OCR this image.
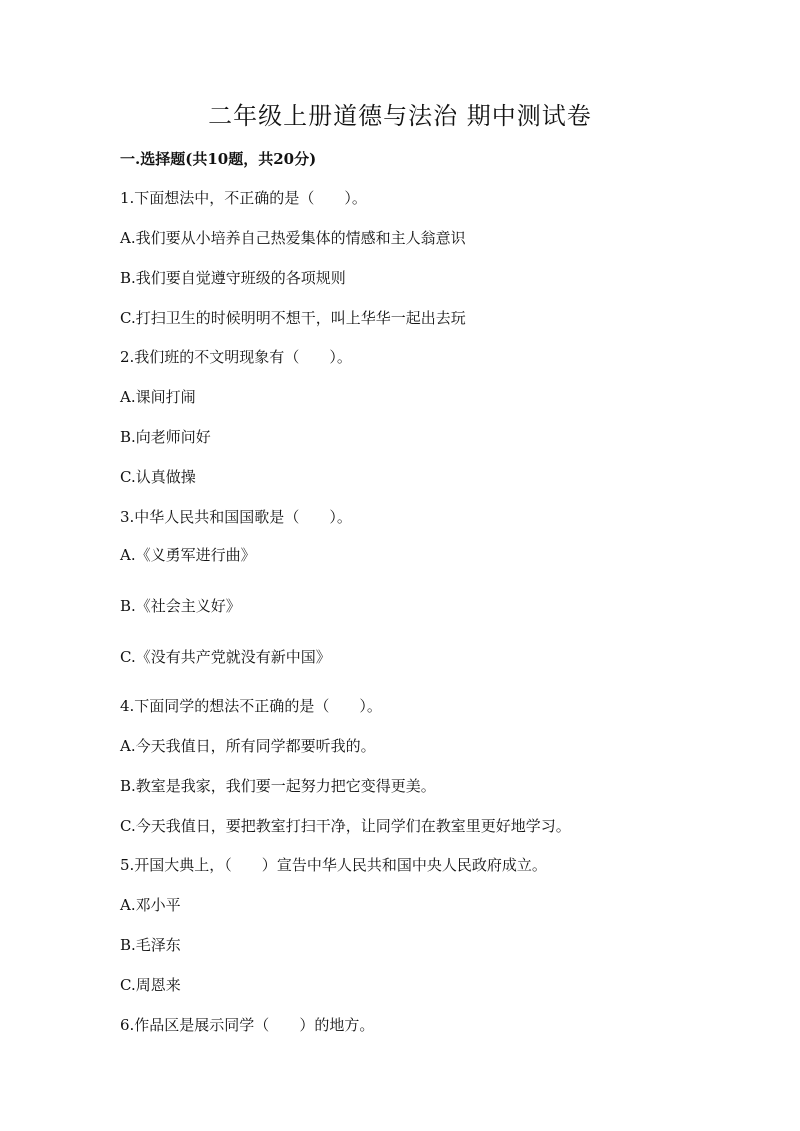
二年级上册道德与法治 期中测试卷
一.选择题(共10题，共20分)
1.下面想法中，不正确的是（　　）。
A.我们要从小培养自己热爱集体的情感和主人翁意识
B.我们要自觉遵守班级的各项规则
C.打扫卫生的时候明明不想干，叫上华华一起出去玩
2.我们班的不文明现象有（　　）。
A.课间打闹
B.向老师问好
C.认真做操
3.中华人民共和国国歌是（　　）。
A.《义勇军进行曲》
B.《社会主义好》
C.《没有共产党就没有新中国》
4.下面同学的想法不正确的是（　　）。
A.今天我值日，所有同学都要听我的。
B.教室是我家，我们要一起努力把它变得更美。
C.今天我值日，要把教室打扫干净，让同学们在教室里更好地学习。
5.开国大典上，（　　）宣告中华人民共和国中央人民政府成立。
A.邓小平
B.毛泽东
C.周恩来
6.作品区是展示同学（　　）的地方。
